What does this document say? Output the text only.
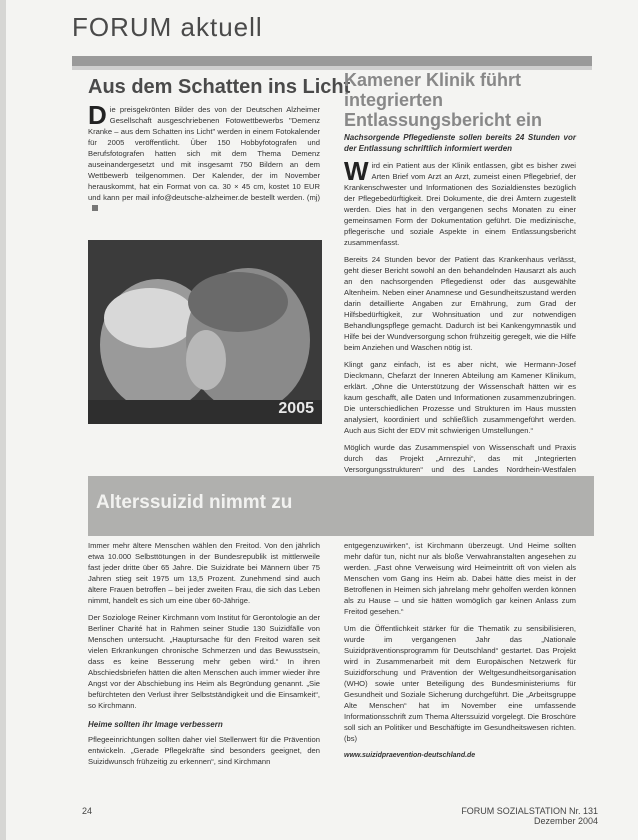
FORUM aktuell
Aus dem Schatten ins Licht
Die preisgekrönten Bilder des von der Deutschen Alzheimer Gesellschaft ausgeschriebenen Fotowettbewerbs "Demenz Kranke – aus dem Schatten ins Licht" werden in einem Fotokalender für 2005 veröffentlicht. Über 150 Hobbyfotografen und Berufsfotografen hatten sich mit dem Thema Demenz auseinandergesetzt und mit insgesamt 750 Bildern an dem Wettbewerb teilgenommen. Der Kalender, der im November herauskommt, hat ein Format von ca. 30 × 45 cm, kostet 10 EUR und kann per mail info@deutsche-alzheimer.de bestellt werden. (mj)
2005
Kamener Klinik führt integrierten Entlassungsbericht ein
Nachsorgende Pflegedienste sollen bereits 24 Stunden vor der Entlassung schriftlich informiert werden

Wird ein Patient aus der Klinik entlassen, gibt es bisher zwei Arten Brief vom Arzt an Arzt, zumeist einen Pflegebrief, der Krankenschwester und Informationen des Sozialdienstes bezüglich der Pflegebedürftigkeit. Drei Dokumente, die drei Ämtern zugestellt werden. Dies hat in den vergangenen sechs Monaten zu einer gemeinsamen Form der Dokumentation geführt. Die medizinische, pflegerische und soziale Aspekte in einem Entlassungsbericht zusammenfasst.

Bereits 24 Stunden bevor der Patient das Krankenhaus verlässt, geht dieser Bericht sowohl an den behandelnden Hausarzt als auch an den nachsorgenden Pflegedienst oder das ausgewählte Altenheim. Neben einer Anamnese und Gesundheitszustand werden darin detaillierte Angaben zur Ernährung, zum Grad der Hilfsbedürftigkeit, zur Wohnsituation und zur notwendigen Behandlungspflege gemacht. Dadurch ist bei Kankengymnastik und Hilfe bei der Wundversorgung schon frühzeitig geregelt, wie die Hilfe beim Anziehen und Waschen nötig ist.

Klingt ganz einfach, ist es aber nicht, wie Hermann-Josef Dieckmann, Chefarzt der Inneren Abteilung am Kamener Klinikum, erklärt. „Ohne die Unterstützung der Wissenschaft hätten wir es kaum geschafft, alle Daten und Informationen zusammenzubringen. Die unterschiedlichen Prozesse und Strukturen im Haus mussten analysiert, koordiniert und schließlich zusammengeführt werden. Auch aus Sicht der EDV mit schwierigen Umstellungen.“

Möglich wurde das Zusammenspiel von Wissenschaft und Praxis durch das Projekt „Arnrezuhi“, das mit „Integrierten Versorgungsstrukturen“ und des Landes Nordrhein-Westfalen

Alterssuizid nimmt zu

Immer mehr ältere Menschen wählen den Freitod. Von den jährlich etwa 10.000 Selbsttötungen in der Bundesrepublik ist mittlerweile fast jeder dritte über 65 Jahre. Die Suizidrate bei Männern über 75 Jahren stieg seit 1975 um 13,5 Prozent. Zunehmend sind auch ältere Frauen betroffen – bei jeder zweiten Frau, die sich das Leben nimmt, handelt es sich um eine über 60-Jährige.

Der Soziologe Reiner Kirchmann vom Institut für Gerontologie an der Berliner Charité hat in Rahmen seiner Studie 130 Suizidfälle von Menschen untersucht. „Hauptursache für den Freitod waren seit vielen Erkrankungen chronische Schmerzen und das Bewusstsein, dass es keine Besserung mehr geben wird.“ In ihren Abschiedsbriefen hätten die alten Menschen auch immer wieder ihre Angst vor der Abschiebung ins Heim als Begründung genannt. „Sie befürchteten den Verlust ihrer Selbstständigkeit und die Einsamkeit“, so Kirchmann.

Heime sollten ihr Image verbessern

Pflegeeinrichtungen sollten daher viel Stellenwert für die Prävention entwickeln. „Gerade Pflegekräfte sind besonders geeignet, den Suizidwunsch frühzeitig zu erkennen“, sind Kirchmann

entgegenzuwirken“, ist Kirchmann überzeugt. Und Heime sollten mehr dafür tun, nicht nur als bloße Verwahranstalten angesehen zu werden. „Fast ohne Verweisung wird Heimeintritt oft von vielen als Menschen vom Gang ins Heim ab. Dabei hätte dies meist in der Betroffenen in Heimen sich jahrelang mehr geholfen werden können als zu Hause – und sie hätten womöglich gar keinen Anlass zum Freitod gesehen.“

Um die Öffentlichkeit stärker für die Thematik zu sensibilisieren, wurde im vergangenen Jahr das „Nationale Suizidpräventionsprogramm für Deutschland“ gestartet. Das Projekt wird in Zusammenarbeit mit dem Europäischen Netzwerk für Suizidforschung und Prävention der Weltgesundheitsorganisation (WHO) sowie unter Beteiligung des Bundesministeriums für Gesundheit und Soziale Sicherung durchgeführt. Die „Arbeitsgruppe Alte Menschen“ hat im November eine umfassende Informationsschrift zum Thema Alterssuizid vorgelegt. Die Broschüre soll sich an Politiker und Beschäftigte im Gesundheitswesen richten. (bs)

www.suizidpraevention-deutschland.de
24	FORUM SOZIALSTATION Nr. 131 Dezember 2004
